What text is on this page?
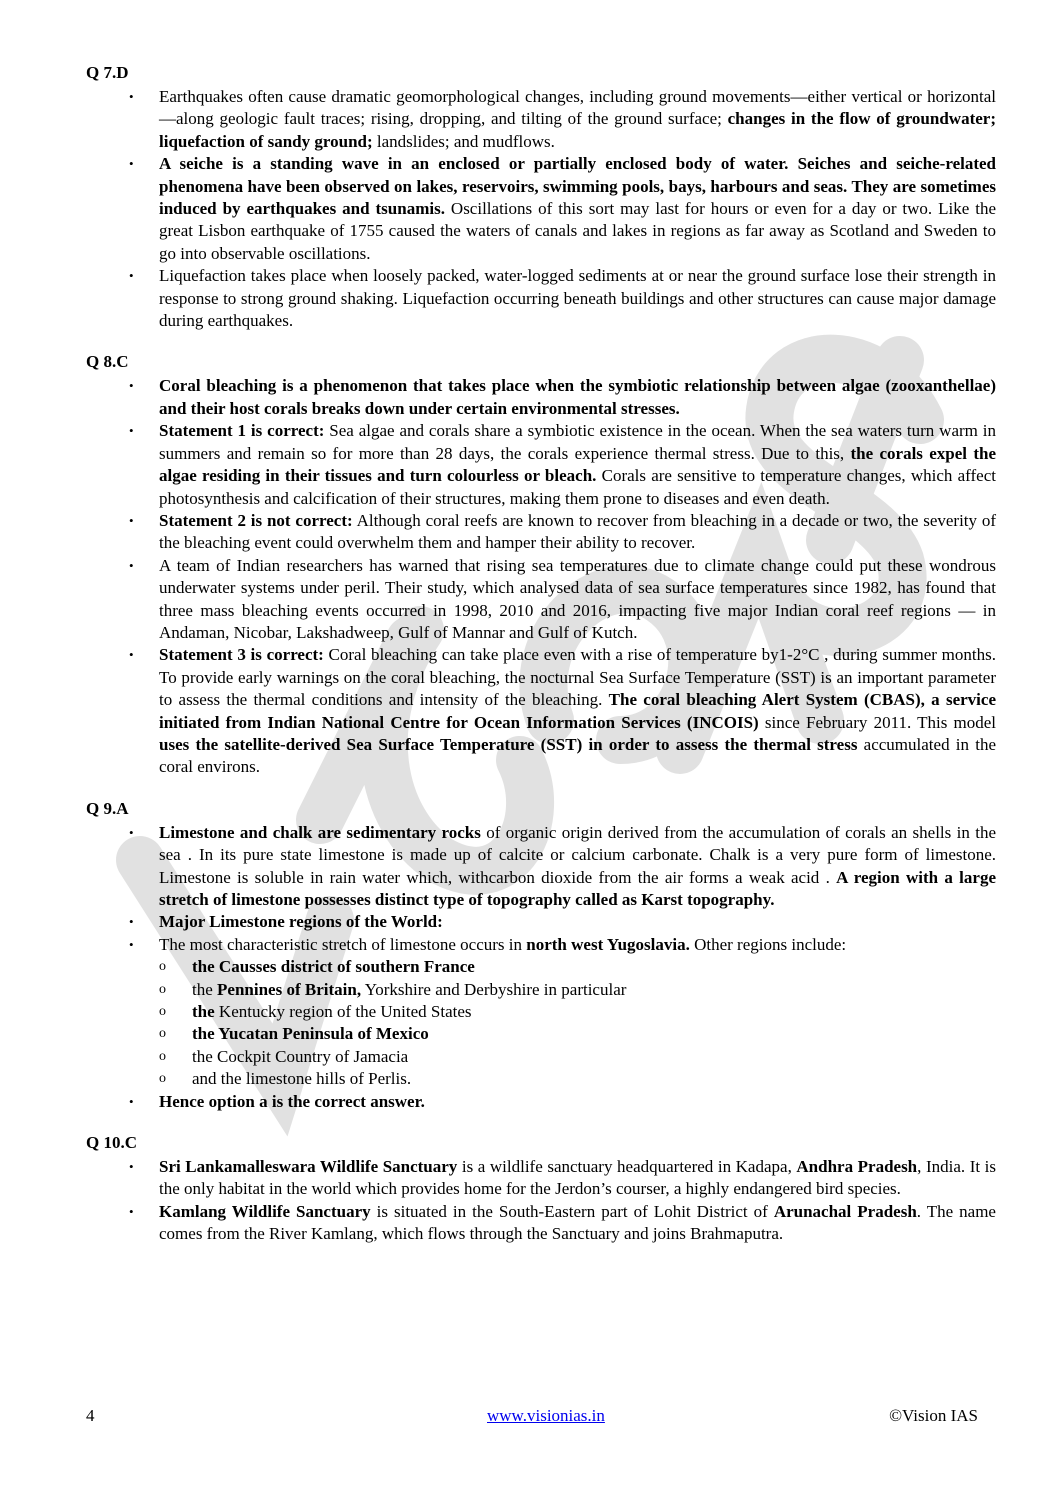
Q 7.D
• Earthquakes often cause dramatic geomorphological changes, including ground movements—either vertical or horizontal—along geologic fault traces; rising, dropping, and tilting of the ground surface; changes in the flow of groundwater; liquefaction of sandy ground; landslides; and mudflows.
• A seiche is a standing wave in an enclosed or partially enclosed body of water. Seiches and seiche-related phenomena have been observed on lakes, reservoirs, swimming pools, bays, harbours and seas. They are sometimes induced by earthquakes and tsunamis. Oscillations of this sort may last for hours or even for a day or two. Like the great Lisbon earthquake of 1755 caused the waters of canals and lakes in regions as far away as Scotland and Sweden to go into observable oscillations.
• Liquefaction takes place when loosely packed, water-logged sediments at or near the ground surface lose their strength in response to strong ground shaking. Liquefaction occurring beneath buildings and other structures can cause major damage during earthquakes.
Q 8.C
• Coral bleaching is a phenomenon that takes place when the symbiotic relationship between algae (zooxanthellae) and their host corals breaks down under certain environmental stresses.
• Statement 1 is correct: Sea algae and corals share a symbiotic existence in the ocean. When the sea waters turn warm in summers and remain so for more than 28 days, the corals experience thermal stress. Due to this, the corals expel the algae residing in their tissues and turn colourless or bleach. Corals are sensitive to temperature changes, which affect photosynthesis and calcification of their structures, making them prone to diseases and even death.
• Statement 2 is not correct: Although coral reefs are known to recover from bleaching in a decade or two, the severity of the bleaching event could overwhelm them and hamper their ability to recover.
• A team of Indian researchers has warned that rising sea temperatures due to climate change could put these wondrous underwater systems under peril. Their study, which analysed data of sea surface temperatures since 1982, has found that three mass bleaching events occurred in 1998, 2010 and 2016, impacting five major Indian coral reef regions — in Andaman, Nicobar, Lakshadweep, Gulf of Mannar and Gulf of Kutch.
• Statement 3 is correct: Coral bleaching can take place even with a rise of temperature by1-2°C , during summer months. To provide early warnings on the coral bleaching, the nocturnal Sea Surface Temperature (SST) is an important parameter to assess the thermal conditions and intensity of the bleaching. The coral bleaching Alert System (CBAS), a service initiated from Indian National Centre for Ocean Information Services (INCOIS) since February 2011. This model uses the satellite-derived Sea Surface Temperature (SST) in order to assess the thermal stress accumulated in the coral environs.
Q 9.A
• Limestone and chalk are sedimentary rocks of organic origin derived from the accumulation of corals an shells in the sea . In its pure state limestone is made up of calcite or calcium carbonate. Chalk is a very pure form of limestone. Limestone is soluble in rain water which, withcarbon dioxide from the air forms a weak acid . A region with a large stretch of limestone possesses distinct type of topography called as Karst topography.
• Major Limestone regions of the World:
• The most characteristic stretch of limestone occurs in north west Yugoslavia. Other regions include:
o the Causses district of southern France
o the Pennines of Britain, Yorkshire and Derbyshire in particular
o the Kentucky region of the United States
o the Yucatan Peninsula of Mexico
o the Cockpit Country of Jamacia
o and the limestone hills of Perlis.
• Hence option a is the correct answer.
Q 10.C
• Sri Lankamalleswara Wildlife Sanctuary is a wildlife sanctuary headquartered in Kadapa, Andhra Pradesh, India. It is the only habitat in the world which provides home for the Jerdon’s courser, a highly endangered bird species.
• Kamlang Wildlife Sanctuary is situated in the South-Eastern part of Lohit District of Arunachal Pradesh. The name comes from the River Kamlang, which flows through the Sanctuary and joins Brahmaputra.
4	www.visionias.in	©Vision IAS
